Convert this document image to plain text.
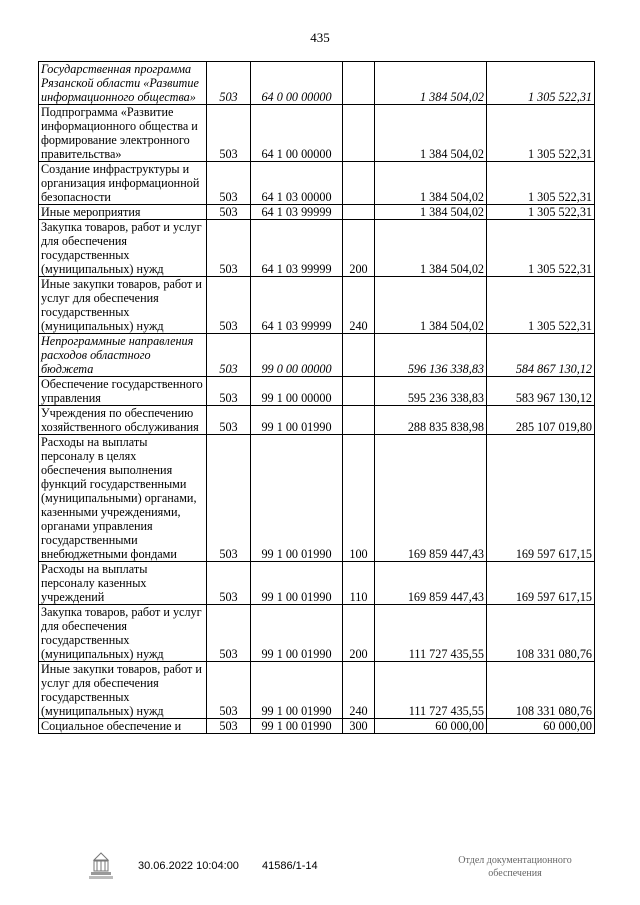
435
Государственная программа Рязанской области «Развитие информационного общества»	503	64 0 00 00000		1 384 504,02	1 305 522,31
Подпрограмма «Развитие информационного общества и формирование электронного правительства»	503	64 1 00 00000		1 384 504,02	1 305 522,31
Создание инфраструктуры и организация информационной безопасности	503	64 1 03 00000		1 384 504,02	1 305 522,31
Иные мероприятия	503	64 1 03 99999		1 384 504,02	1 305 522,31
Закупка товаров, работ и услуг для обеспечения государственных (муниципальных) нужд	503	64 1 03 99999	200	1 384 504,02	1 305 522,31
Иные закупки товаров, работ и услуг для обеспечения государственных (муниципальных) нужд	503	64 1 03 99999	240	1 384 504,02	1 305 522,31
Непрограммные направления расходов областного бюджета	503	99 0 00 00000		596 136 338,83	584 867 130,12
Обеспечение государственного управления	503	99 1 00 00000		595 236 338,83	583 967 130,12
Учреждения по обеспечению хозяйственного обслуживания	503	99 1 00 01990		288 835 838,98	285 107 019,80
Расходы на выплаты персоналу в целях обеспечения выполнения функций государственными (муниципальными) органами, казенными учреждениями, органами управления государственными внебюджетными фондами	503	99 1 00 01990	100	169 859 447,43	169 597 617,15
Расходы на выплаты персоналу казенных учреждений	503	99 1 00 01990	110	169 859 447,43	169 597 617,15
Закупка товаров, работ и услуг для обеспечения государственных (муниципальных) нужд	503	99 1 00 01990	200	111 727 435,55	108 331 080,76
Иные закупки товаров, работ и услуг для обеспечения государственных (муниципальных) нужд	503	99 1 00 01990	240	111 727 435,55	108 331 080,76
Социальное обеспечение и	503	99 1 00 01990	300	60 000,00	60 000,00
30.06.2022 10:04:00 41586/1-14	Отдел документационного
обеспечения
